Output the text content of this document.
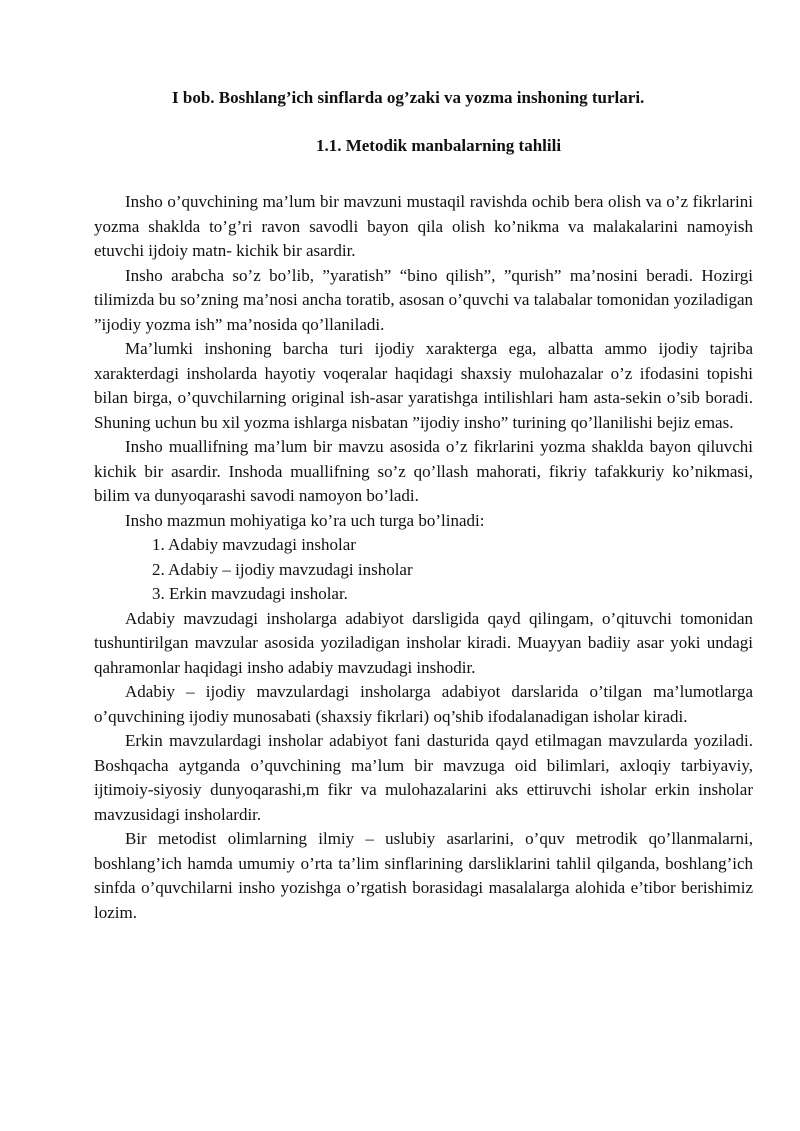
I bob. Boshlang’ich sinflarda og’zaki va yozma inshoning turlari.
1.1. Metodik manbalarning tahlili

Insho o’quvchining ma’lum bir mavzuni mustaqil ravishda ochib bera olish va o’z fikrlarini yozma shaklda to’g’ri ravon savodli bayon qila olish ko’nikma va malakalarini namoyish etuvchi ijdoiy matn- kichik bir asardir.

Insho arabcha so’z bo’lib, ”yaratish” “bino qilish”, ”qurish” ma’nosini beradi. Hozirgi tilimizda bu so’zning ma’nosi ancha toratib, asosan o’quvchi va talabalar tomonidan yoziladigan ”ijodiy yozma ish” ma’nosida qo’llaniladi.

Ma’lumki inshoning barcha turi ijodiy xarakterga ega, albatta ammo ijodiy tajriba xarakterdagi insholarda hayotiy voqeralar haqidagi shaxsiy mulohazalar o’z ifodasini topishi bilan birga, o’quvchilarning original ish-asar yaratishga intilishlari ham asta-sekin o’sib boradi. Shuning uchun bu xil yozma ishlarga nisbatan ”ijodiy insho” turining qo’llanilishi bejiz emas.

Insho muallifning ma’lum bir mavzu asosida o’z fikrlarini yozma shaklda bayon qiluvchi kichik bir asardir. Inshoda muallifning so’z qo’llash mahorati, fikriy tafakkuriy ko’nikmasi, bilim va dunyoqarashi savodi namoyon bo’ladi.

Insho mazmun mohiyatiga ko’ra uch turga bo’linadi:

1. Adabiy mavzudagi insholar
2. Adabiy – ijodiy mavzudagi insholar
3. Erkin mavzudagi insholar.

Adabiy mavzudagi insholarga adabiyot darsligida qayd qilingam, o’qituvchi tomonidan tushuntirilgan mavzular asosida yoziladigan insholar kiradi. Muayyan badiiy asar yoki undagi qahramonlar haqidagi insho adabiy mavzudagi inshodir.

Adabiy – ijodiy mavzulardagi insholarga adabiyot darslarida o’tilgan ma’lumotlarga o’quvchining ijodiy munosabati (shaxsiy fikrlari) oq’shib ifodalanadigan isholar kiradi.

Erkin mavzulardagi insholar adabiyot fani dasturida qayd etilmagan mavzularda yoziladi. Boshqacha aytganda o’quvchining ma’lum bir mavzuga oid bilimlari, axloqiy tarbiyaviy, ijtimoiy-siyosiy dunyoqarashi,m fikr va mulohazalarini aks ettiruvchi isholar erkin insholar mavzusidagi insholardir.

Bir metodist olimlarning ilmiy – uslubiy asarlarini, o’quv metrodik qo’llanmalarni, boshlang’ich hamda umumiy o’rta ta’lim sinflarining darsliklarini tahlil qilganda, boshlang’ich sinfda o’quvchilarni insho yozishga o’rgatish borasidagi masalalarga alohida e’tibor berishimiz lozim.
